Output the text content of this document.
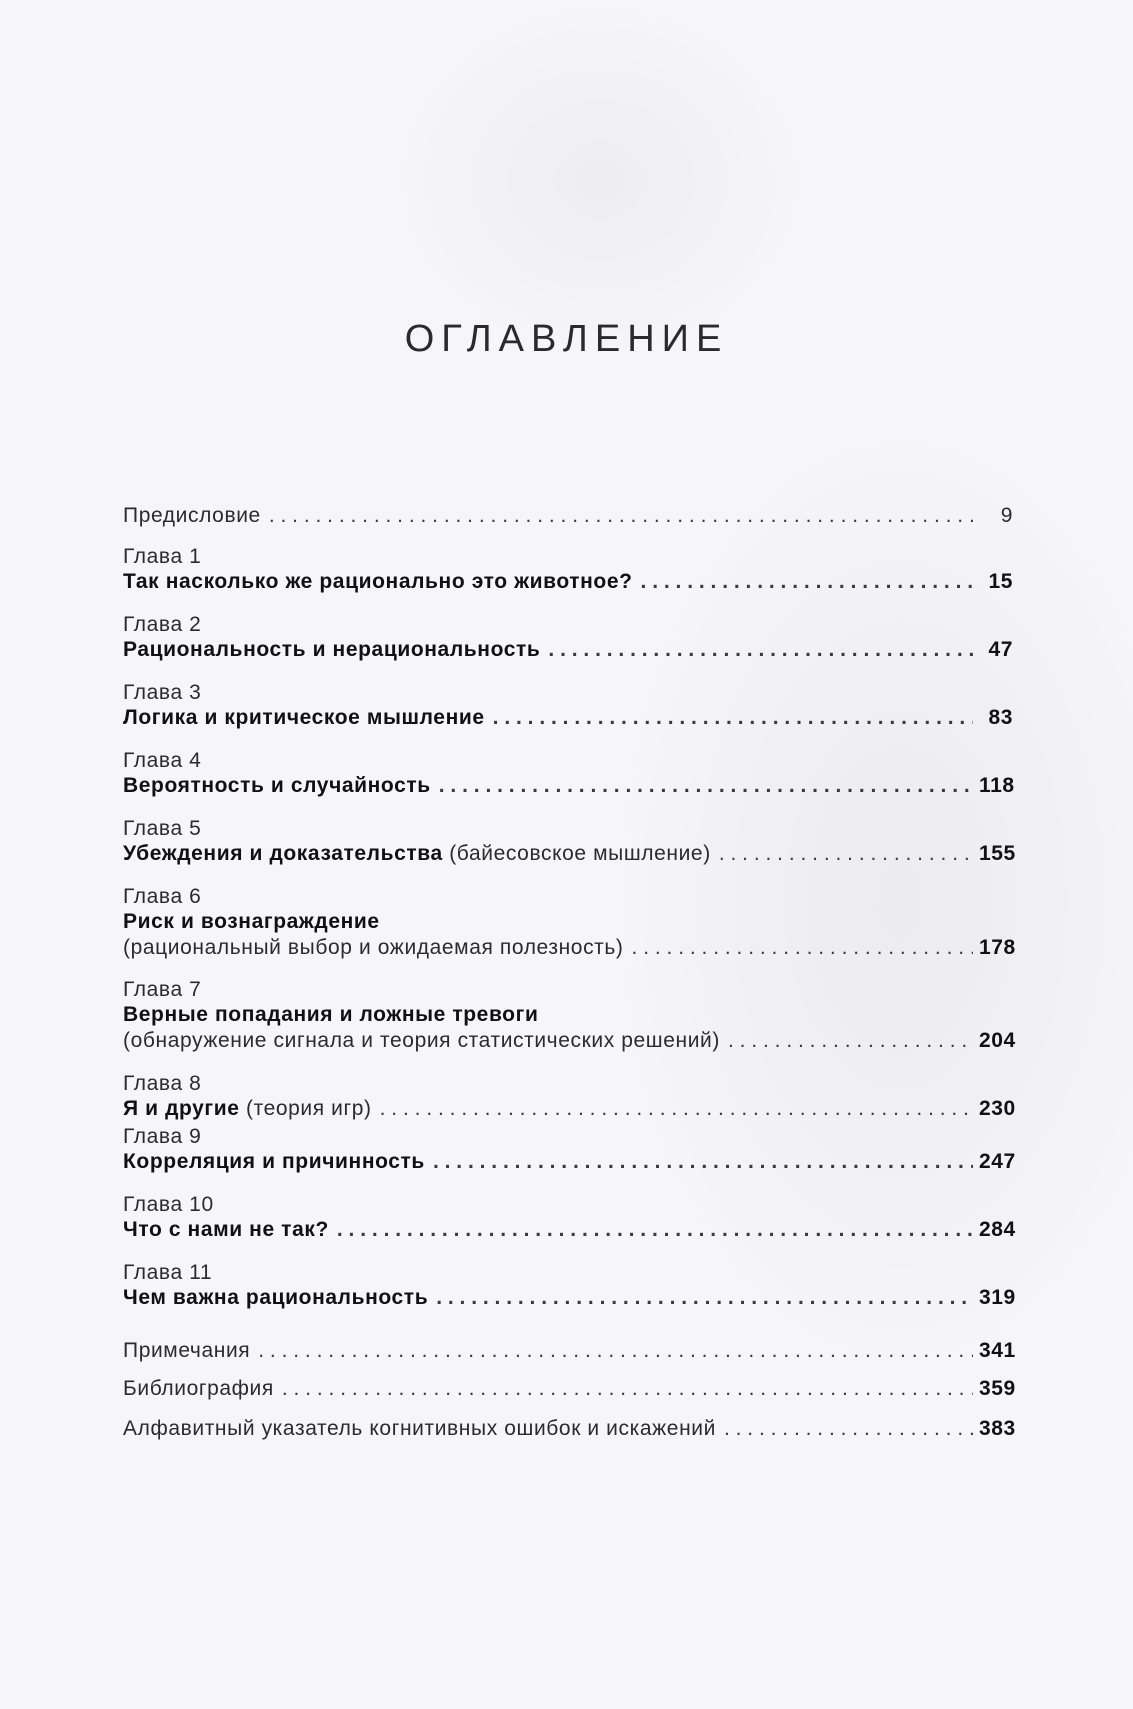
ОГЛАВЛЕНИЕ
Предисловие . . .	9
Глава 1
Так насколько же рационально это животное? . . .	15
Глава 2
Рациональность и нерациональность . . .	47
Глава 3
Логика и критическое мышление . . .	83
Глава 4
Вероятность и случайность . . .	118
Глава 5
Убеждения и доказательства (байесовское мышление) . . .	155
Глава 6
Риск и вознаграждение
(рациональный выбор и ожидаемая полезность) . . .	178
Глава 7
Верные попадания и ложные тревоги
(обнаружение сигнала и теория статистических решений) . . .	204
Глава 8
Я и другие (теория игр) . . .	230
Глава 9
Корреляция и причинность . . .	247
Глава 10
Что с нами не так? . . .	284
Глава 11
Чем важна рациональность . . .	319
Примечания . . .	341
Библиография . . .	359
Алфавитный указатель когнитивных ошибок и искажений . . .	383
